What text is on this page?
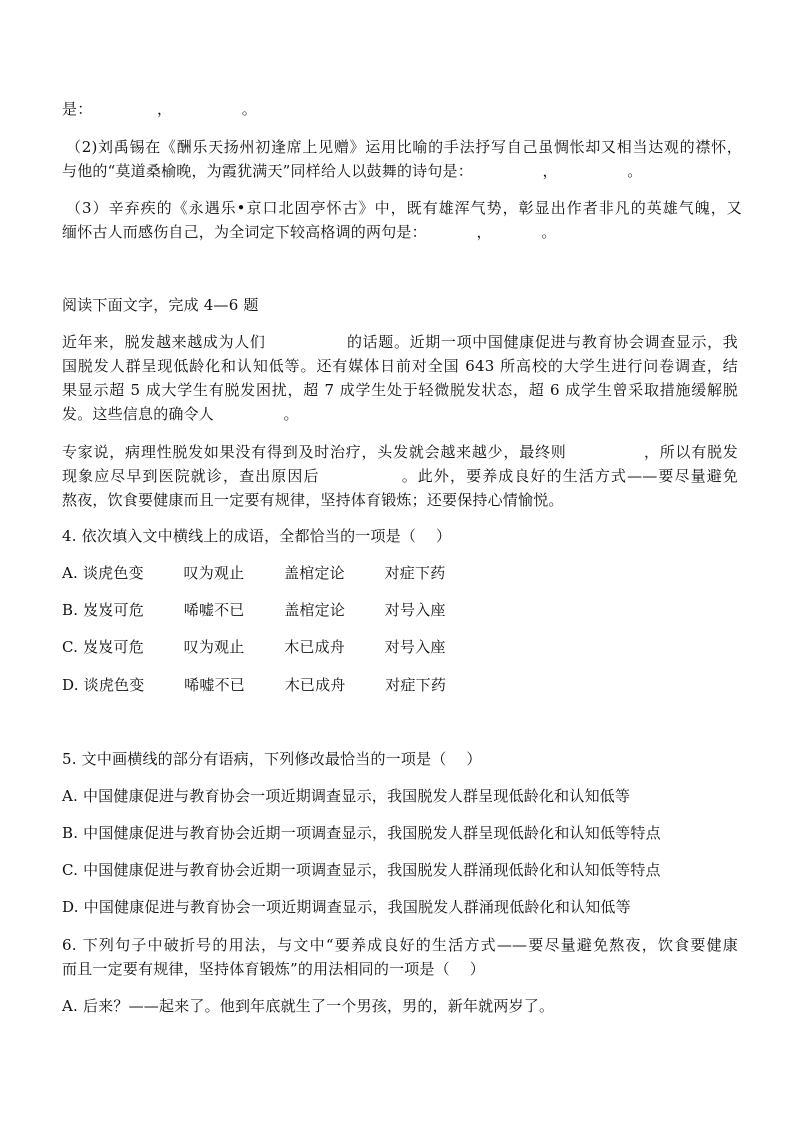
是：             ，              。
（2)刘禹锡在《酬乐天扬州初逢席上见赠》运用比喻的手法抒写自己虽惆怅却又相当达观的襟怀，
与他的“莫道桑榆晚，为霞犹满天”同样给人以鼓舞的诗句是：              ，              。
（3）辛弃疾的《永遇乐•京口北固亭怀古》中，既有雄浑气势，彰显出作者非凡的英雄气魄，又
缅怀古人而感伤自己，为全词定下较高格调的两句是：          ，          。
阅读下面文字，完成 4—6 题
近年来，脱发越来越成为人们               的话题。近期一项中国健康促进与教育协会调查显示，我
国脱发人群呈现低龄化和认知低等。还有媒体日前对全国 643 所高校的大学生进行问卷调查，结
果显示超 5 成大学生有脱发困扰，超 7 成学生处于轻微脱发状态，超 6 成学生曾采取措施缓解脱
发。这些信息的确令人              。
专家说，病理性脱发如果没有得到及时治疗，头发就会越来越少，最终则              ，所以有脱发
现象应尽早到医院就诊，查出原因后              。此外，要养成良好的生活方式——要尽量避免
熬夜，饮食要健康而且一定要有规律，坚持体育锻炼；还要保持心情愉悦。
4. 依次填入文中横线上的成语，全都恰当的一项是（    ）
A. 谈虎色变        叹为观止        盖棺定论        对症下药
B. 岌岌可危        唏嘘不已        盖棺定论        对号入座
C. 岌岌可危        叹为观止        木已成舟        对号入座
D. 谈虎色变        唏嘘不已        木已成舟        对症下药
5. 文中画横线的部分有语病，下列修改最恰当的一项是（    ）
A. 中国健康促进与教育协会一项近期调查显示，我国脱发人群呈现低龄化和认知低等
B. 中国健康促进与教育协会近期一项调查显示，我国脱发人群呈现低龄化和认知低等特点
C. 中国健康促进与教育协会近期一项调查显示，我国脱发人群涌现低龄化和认知低等特点
D. 中国健康促进与教育协会一项近期调查显示，我国脱发人群涌现低龄化和认知低等
6. 下列句子中破折号的用法，与文中“要养成良好的生活方式——要尽量避免熬夜，饮食要健康
而且一定要有规律，坚持体育锻炼”的用法相同的一项是（    ）
A. 后来？——起来了。他到年底就生了一个男孩，男的，新年就两岁了。
